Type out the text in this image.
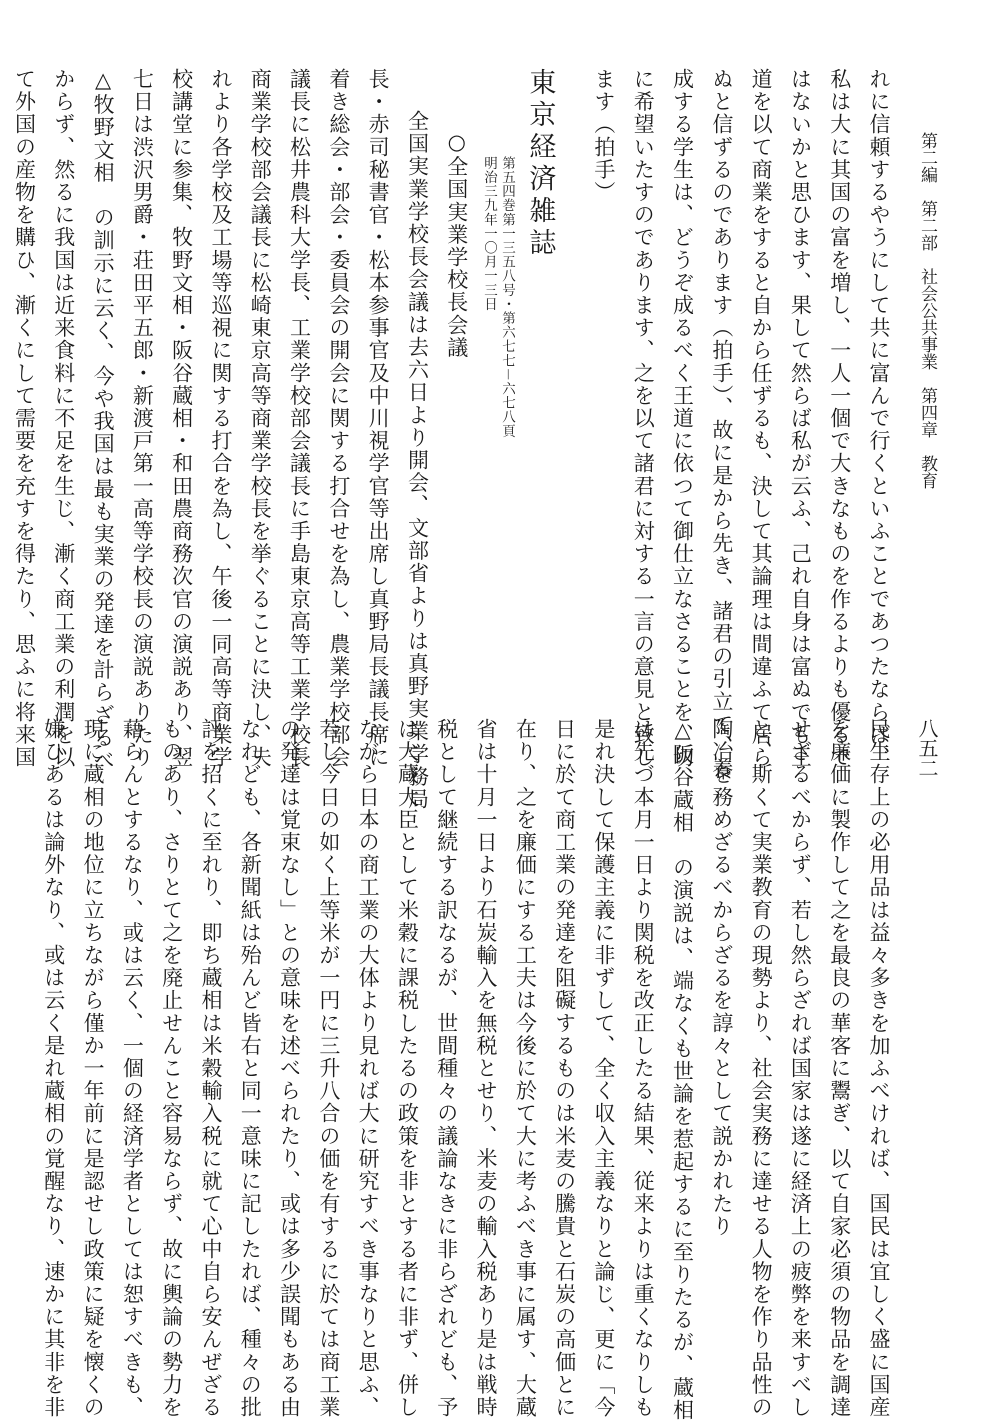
第二編　第二部　社会公共事業　第四章　教育
八五二
れに信頼するやうにして共に富んで行くといふことであつたならば、
私は大に其国の富を増し、一人一個で大きなものを作るよりも優るで
はないかと思ひます、果して然らば私が云ふ、己れ自身は富ぬでも王
道を以て商業をすると自から任ずるも、決して其論理は間違ふて居ら
ぬと信ずるのであります（拍手）、故に是から先き、諸君の引立て、養
成する学生は、どうぞ成るべく王道に依つて御仕立なさることを、切
に希望いたすのであります、之を以て諸君に対する一言の意見と致し
ます（拍手）
東京経済雑誌
第五四巻第一三五八号・第六七七－六七八頁
明治三九年一〇月一三日
○全国実業学校長会議
全国実業学校長会議は去六日より開会、文部省よりは真野実業学務局
長・赤司秘書官・松本参事官及中川視学官等出席し真野局長議長席に
着き総会・部会・委員会の開会に関する打合せを為し、農業学校部会
議長に松井農科大学長、工業学校部会議長に手島東京高等工業学校長
商業学校部会議長に松崎東京高等商業学校長を挙ぐることに決し、夫
れより各学校及工場等巡視に関する打合を為し、午後一同高等商業学
校講堂に参集、牧野文相・阪谷蔵相・和田農商務次官の演説あり、翌
七日は渋沢男爵・荘田平五郎・新渡戸第一高等学校長の演説ありたり
△牧野文相　の訓示に云く、今や我国は最も実業の発達を計らざるべ
からず、然るに我国は近来食料に不足を生じ、漸く商工業の利潤を以
て外国の産物を購ひ、漸くにして需要を充すを得たり、思ふに将来国
民生存上の必用品は益々多きを加ふべければ、国民は宜しく盛に国産
を廉価に製作して之を最良の華客に鬻ぎ、以て自家必須の物品を調達
せざるべからず、若し然らざれば国家は遂に経済上の疲弊を来すべし
と、斯くて実業教育の現勢より、社会実務に達せる人物を作り品性の
陶冶を務めざるべからざるを諄々として説かれたり
△阪谷蔵相　の演説は、端なくも世論を惹起するに至りたるが、蔵相
は先づ本月一日より関税を改正したる結果、従来よりは重くなりしも
是れ決して保護主義に非ずして、全く収入主義なりと論じ、更に「今
日に於て商工業の発達を阻礙するものは米麦の騰貴と石炭の高価とに
在り、之を廉価にする工夫は今後に於て大に考ふべき事に属す、大蔵
省は十月一日より石炭輸入を無税とせり、米麦の輸入税あり是は戦時
税として継続する訳なるが、世間種々の議論なきに非らざれども、予
は大蔵大臣として米穀に課税したるの政策を非とする者に非ず、併し
ながら日本の商工業の大体より見れば大に研究すべき事なりと思ふ、
若し今日の如く上等米が一円に三升八合の価を有するに於ては商工業
の発達は覚束なし」との意味を述べられたり、或は多少誤聞もある由
なれども、各新聞紙は殆んど皆右と同一意味に記したれば、種々の批
評を招くに至れり、即ち蔵相は米穀輸入税に就て心中自ら安んぜざる
ものあり、さりとて之を廃止せんこと容易ならず、故に輿論の勢力を
藉らんとするなり、或は云く、一個の経済学者としては恕すべきも、
現に蔵相の地位に立ちながら僅か一年前に是認せし政策に疑を懐くの
嫌ひあるは論外なり、或は云く是れ蔵相の覚醒なり、速かに其非を非
